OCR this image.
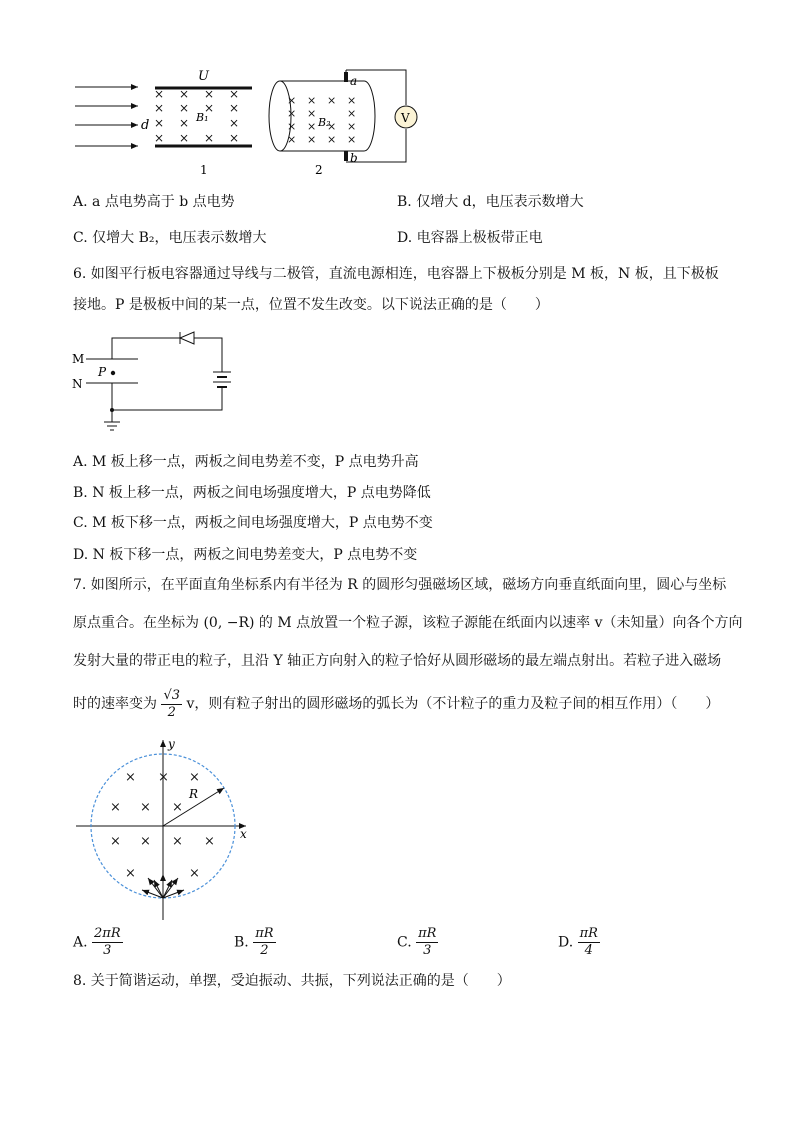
U
d
× × × ×
× × × ×
× ×	×
× × × ×
B₁
1
× × × ×
× ×	×
× × × ×
× × × ×
B₂
2
a
b
V
A. a 点电势高于 b 点电势	B. 仅增大 d，电压表示数增大
C. 仅增大 B₂，电压表示数增大	D. 电容器上极板带正电
6. 如图平行板电容器通过导线与二极管，直流电源相连，电容器上下极板分别是 M 板，N 板，且下极板
接地。P 是极板中间的某一点，位置不发生改变。以下说法正确的是（　　）
M
N
P
A. M 板上移一点，两板之间电势差不变，P 点电势升高
B. N 板上移一点，两板之间电场强度增大，P 点电势降低
C. M 板下移一点，两板之间电场强度增大，P 点电势不变
D. N 板下移一点，两板之间电势差变大，P 点电势不变
7. 如图所示，在平面直角坐标系内有半径为 R 的圆形匀强磁场区域，磁场方向垂直纸面向里，圆心与坐标
原点重合。在坐标为 (0, −R) 的 M 点放置一个粒子源，该粒子源能在纸面内以速率 v（未知量）向各个方向
发射大量的带正电的粒子，且沿 Y 轴正方向射入的粒子恰好从圆形磁场的最左端点射出。若粒子进入磁场
时的速率变为 $\frac{√3}{2}$ v，则有粒子射出的圆形磁场的弧长为（不计粒子的重力及粒子间的相互作用）（　　）
y
x
× × ×
× × ×
× × × ×
×	×
R
A. $\frac{2\pi R}{3}$	B. $\frac{\pi R}{2}$	C. $\frac{\pi R}{3}$	D. $\frac{\pi R}{4}$
8. 关于简谐运动，单摆，受迫振动、共振，下列说法正确的是（　　）
